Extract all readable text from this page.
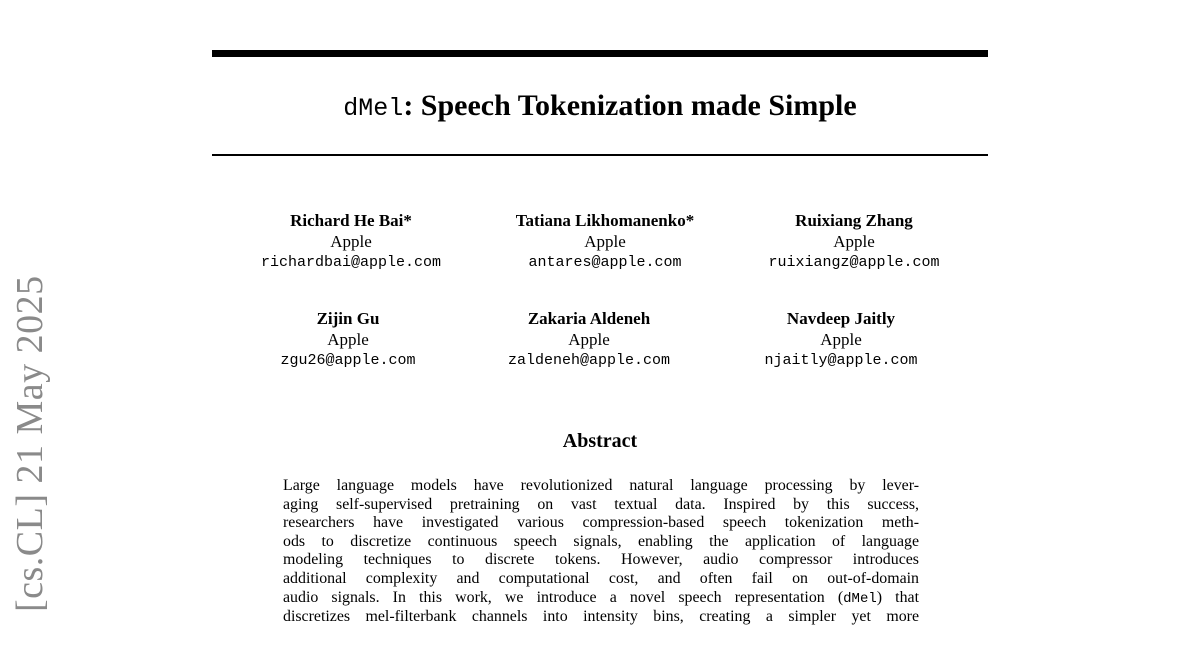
dMel: Speech Tokenization made Simple
Richard He Bai*
Apple
richardbai@apple.com
Tatiana Likhomanenko*
Apple
antares@apple.com
Ruixiang Zhang
Apple
ruixiangz@apple.com
Zijin Gu
Apple
zgu26@apple.com
Zakaria Aldeneh
Apple
zaldeneh@apple.com
Navdeep Jaitly
Apple
njaitly@apple.com
Abstract
Large language models have revolutionized natural language processing by lever-
aging self-supervised pretraining on vast textual data. Inspired by this success,
researchers have investigated various compression-based speech tokenization meth-
ods to discretize continuous speech signals, enabling the application of language
modeling techniques to discrete tokens. However, audio compressor introduces
additional complexity and computational cost, and often fail on out-of-domain
audio signals. In this work, we introduce a novel speech representation (dMel) that
discretizes mel-filterbank channels into intensity bins, creating a simpler yet more
[cs.CL] 21 May 2025
